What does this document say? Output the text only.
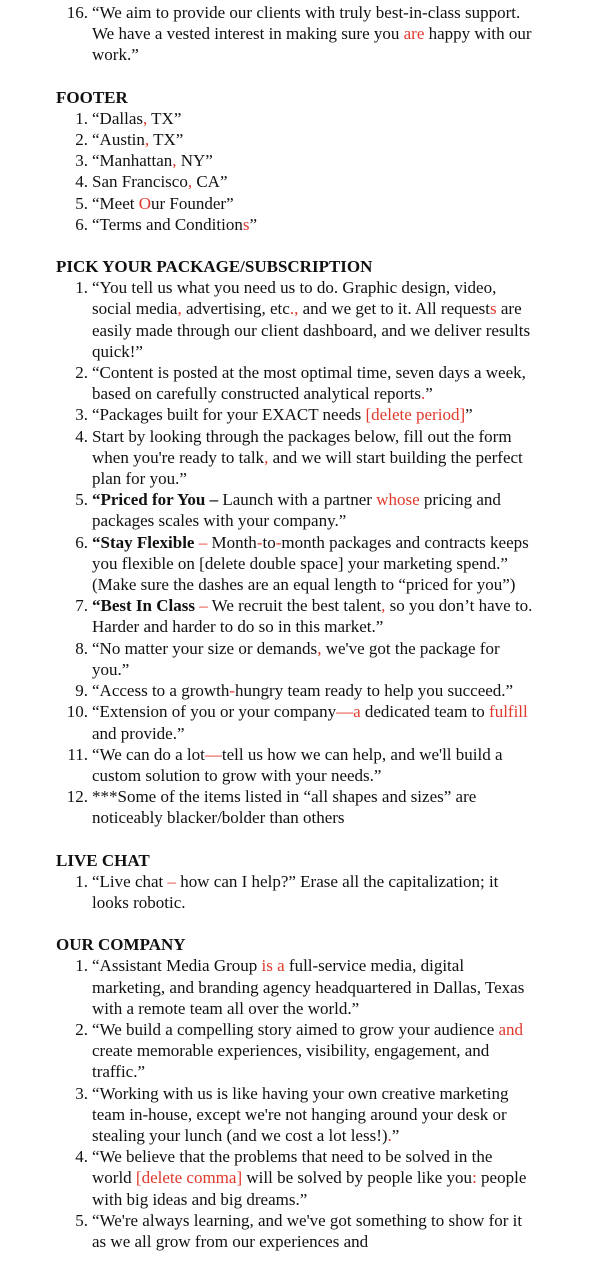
16. “We aim to provide our clients with truly best-in-class support. We have a vested interest in making sure you are happy with our work.”
FOOTER
1. “Dallas, TX”
2. “Austin, TX”
3. “Manhattan, NY”
4. San Francisco, CA”
5. “Meet Our Founder”
6. “Terms and Conditions”
PICK YOUR PACKAGE/SUBSCRIPTION
1. “You tell us what you need us to do. Graphic design, video, social media, advertising, etc., and we get to it. All requests are easily made through our client dashboard, and we deliver results quick!”
2. “Content is posted at the most optimal time, seven days a week, based on carefully constructed analytical reports.”
3. “Packages built for your EXACT needs [delete period]”
4. Start by looking through the packages below, fill out the form when you're ready to talk, and we will start building the perfect plan for you.”
5. “Priced for You – Launch with a partner whose pricing and packages scales with your company.”
6. “Stay Flexible – Month-to-month packages and contracts keeps you flexible on [delete double space] your marketing spend.” (Make sure the dashes are an equal length to “priced for you”)
7. “Best In Class – We recruit the best talent, so you don’t have to. Harder and harder to do so in this market.”
8. “No matter your size or demands, we've got the package for you.”
9. “Access to a growth-hungry team ready to help you succeed.”
10. “Extension of you or your company—a dedicated team to fulfill and provide.”
11. “We can do a lot—tell us how we can help, and we'll build a custom solution to grow with your needs.”
12. ***Some of the items listed in “all shapes and sizes” are noticeably blacker/bolder than others
LIVE CHAT
1. “Live chat – how can I help?” Erase all the capitalization; it looks robotic.
OUR COMPANY
1. “Assistant Media Group is a full-service media, digital marketing, and branding agency headquartered in Dallas, Texas with a remote team all over the world.”
2. “We build a compelling story aimed to grow your audience and create memorable experiences, visibility, engagement, and traffic.”
3. “Working with us is like having your own creative marketing team in-house, except we're not hanging around your desk or stealing your lunch (and we cost a lot less!).”
4. “We believe that the problems that need to be solved in the world [delete comma] will be solved by people like you: people with big ideas and big dreams.”
5. “We're always learning, and we've got something to show for it as we all grow from our experiences and
